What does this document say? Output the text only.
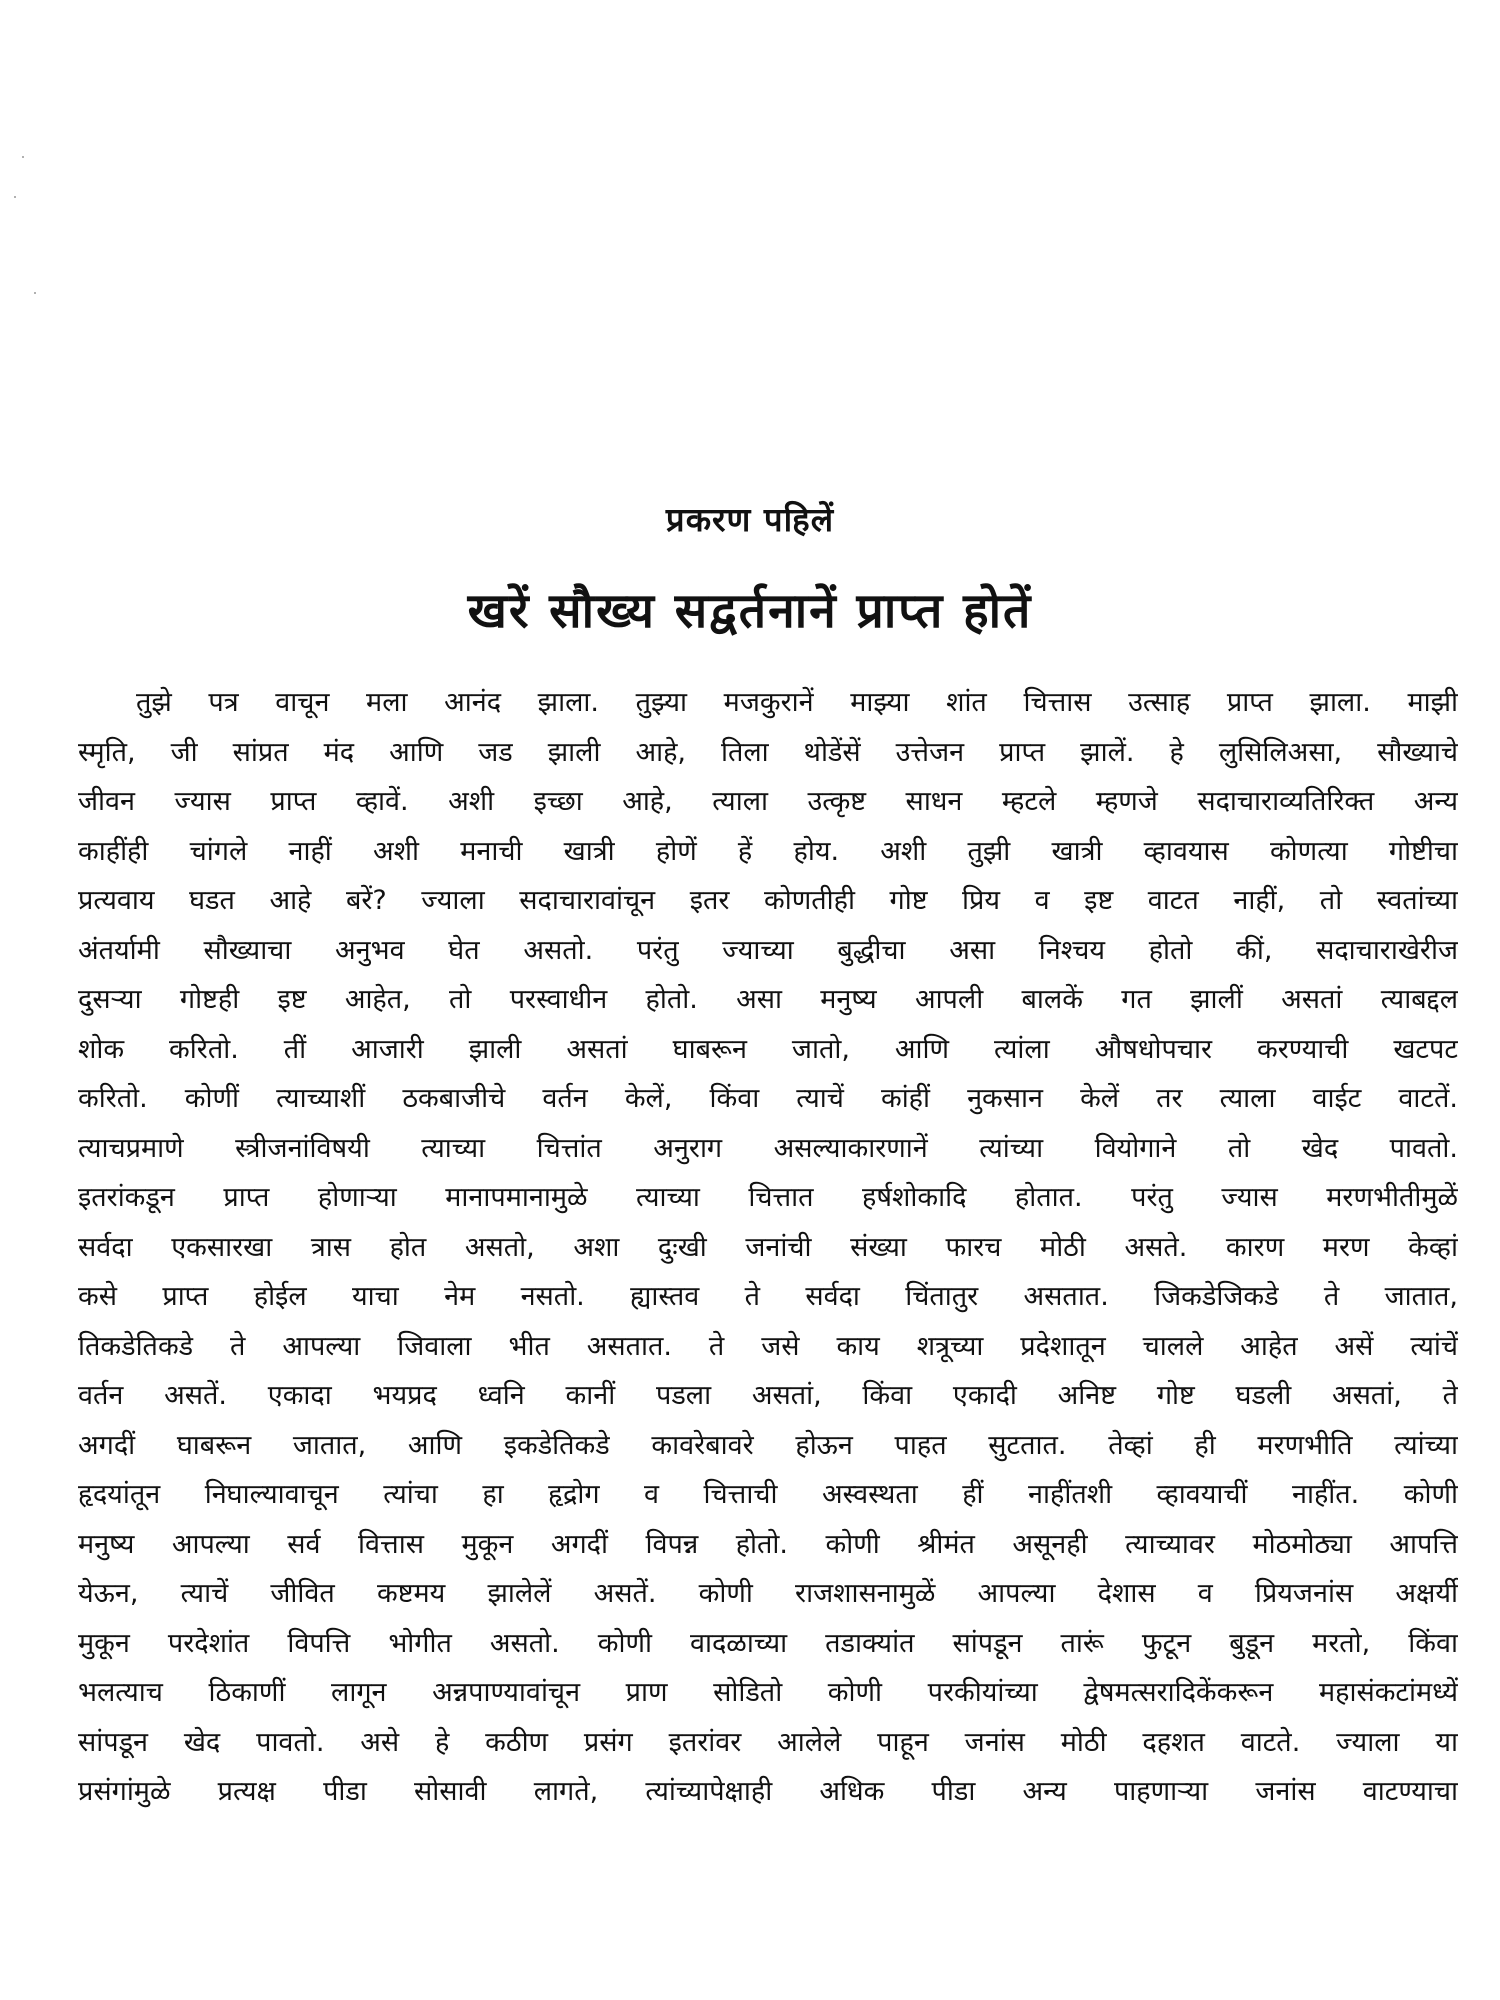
प्रकरण पहिलें
खरें सौख्य सद्वर्तनानें प्राप्त होतें
तुझे पत्र वाचून मला आनंद झाला. तुझ्या मजकुरानें माझ्या शांत चित्तास उत्साह प्राप्त झाला. माझी
स्मृति, जी सांप्रत मंद आणि जड झाली आहे, तिला थोडेंसें उत्तेजन प्राप्त झालें. हे लुसिलिअसा, सौख्याचे
जीवन ज्यास प्राप्त व्हावें. अशी इच्छा आहे, त्याला उत्कृष्ट साधन म्हटले म्हणजे सदाचाराव्यतिरिक्त अन्य
काहींही चांगले नाहीं अशी मनाची खात्री होणें हें होय. अशी तुझी खात्री व्हावयास कोणत्या गोष्टीचा
प्रत्यवाय घडत आहे बरें? ज्याला सदाचारावांचून इतर कोणतीही गोष्ट प्रिय व इष्ट वाटत नाहीं, तो स्वतांच्या
अंतर्यामी सौख्याचा अनुभव घेत असतो. परंतु ज्याच्या बुद्धीचा असा निश्चय होतो कीं, सदाचाराखेरीज
दुसऱ्या गोष्टही इष्ट आहेत, तो परस्वाधीन होतो. असा मनुष्य आपली बालकें गत झालीं असतां त्याबद्दल
शोक करितो. तीं आजारी झाली असतां घाबरून जातो, आणि त्यांला औषधोपचार करण्याची खटपट
करितो. कोणीं त्याच्याशीं ठकबाजीचे वर्तन केलें, किंवा त्याचें कांहीं नुकसान केलें तर त्याला वाईट वाटतें.
त्याचप्रमाणे स्त्रीजनांविषयी त्याच्या चित्तांत अनुराग असल्याकारणानें त्यांच्या वियोगाने तो खेद पावतो.
इतरांकडून प्राप्त होणाऱ्या मानापमानामुळे त्याच्या चित्तात हर्षशोकादि होतात. परंतु ज्यास मरणभीतीमुळें
सर्वदा एकसारखा त्रास होत असतो, अशा दुःखी जनांची संख्या फारच मोठी असते. कारण मरण केव्हां
कसे प्राप्त होईल याचा नेम नसतो. ह्यास्तव ते सर्वदा चिंतातुर असतात. जिकडेजिकडे ते जातात,
तिकडेतिकडे ते आपल्या जिवाला भीत असतात. ते जसे काय शत्रूच्या प्रदेशातून चालले आहेत असें त्यांचें
वर्तन असतें. एकादा भयप्रद ध्वनि कानीं पडला असतां, किंवा एकादी अनिष्ट गोष्ट घडली असतां, ते
अगदीं घाबरून जातात, आणि इकडेतिकडे कावरेबावरे होऊन पाहत सुटतात. तेव्हां ही मरणभीति त्यांच्या
हृदयांतून निघाल्यावाचून त्यांचा हा हृद्रोग व चित्ताची अस्वस्थता हीं नाहींतशी व्हावयाचीं नाहींत. कोणी
मनुष्य आपल्या सर्व वित्तास मुकून अगदीं विपन्न होतो. कोणी श्रीमंत असूनही त्याच्यावर मोठमोठ्या आपत्ति
येऊन, त्याचें जीवित कष्टमय झालेलें असतें. कोणी राजशासनामुळें आपल्या देशास व प्रियजनांस अक्षर्यी
मुकून परदेशांत विपत्ति भोगीत असतो. कोणी वादळाच्या तडाक्यांत सांपडून तारूं फुटून बुडून मरतो, किंवा
भलत्याच ठिकाणीं लागून अन्नपाण्यावांचून प्राण सोडितो कोणी परकीयांच्या द्वेषमत्सरादिकेंकरून महासंकटांमध्यें
सांपडून खेद पावतो. असे हे कठीण प्रसंग इतरांवर आलेले पाहून जनांस मोठी दहशत वाटते. ज्याला या
प्रसंगांमुळे प्रत्यक्ष पीडा सोसावी लागते, त्यांच्यापेक्षाही अधिक पीडा अन्य पाहणाऱ्या जनांस वाटण्याचा
